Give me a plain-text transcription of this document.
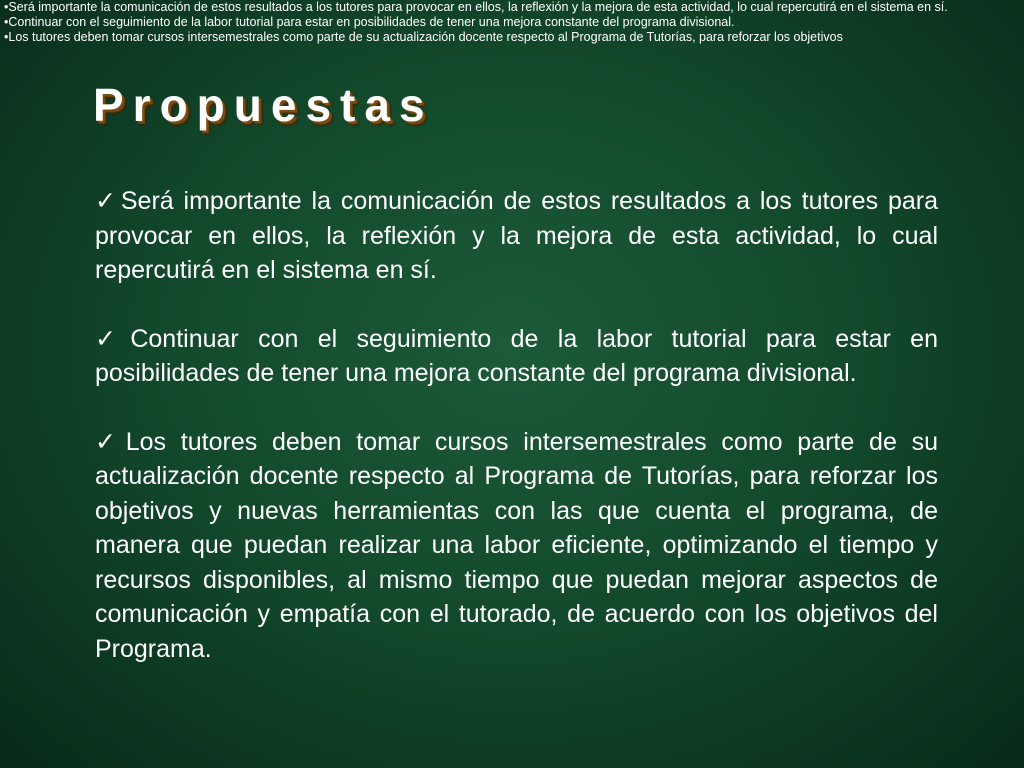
•Será importante la comunicación de estos resultados a los tutores para provocar en ellos, la reflexión y la mejora de esta actividad, lo cual repercutirá en el sistema en sí.
•Continuar con el seguimiento de la labor tutorial para estar en posibilidades de tener una mejora constante del programa divisional.
•Los tutores deben tomar cursos intersemestrales como parte de su actualización docente respecto al Programa de Tutorías, para reforzar los objetivos
Propuestas

✓Será importante la comunicación de estos resultados a los tutores para provocar en ellos, la reflexión y la mejora de esta actividad, lo cual repercutirá en el sistema en sí.

✓Continuar con el seguimiento de la labor tutorial para estar en posibilidades de tener una mejora constante del programa divisional.

✓Los tutores deben tomar cursos intersemestrales como parte de su actualización docente respecto al Programa de Tutorías, para reforzar los objetivos y nuevas herramientas con las que cuenta el programa, de manera que puedan realizar una labor eficiente, optimizando el tiempo y recursos disponibles, al mismo tiempo que puedan mejorar aspectos de comunicación y empatía con el tutorado, de acuerdo con los objetivos del Programa.
